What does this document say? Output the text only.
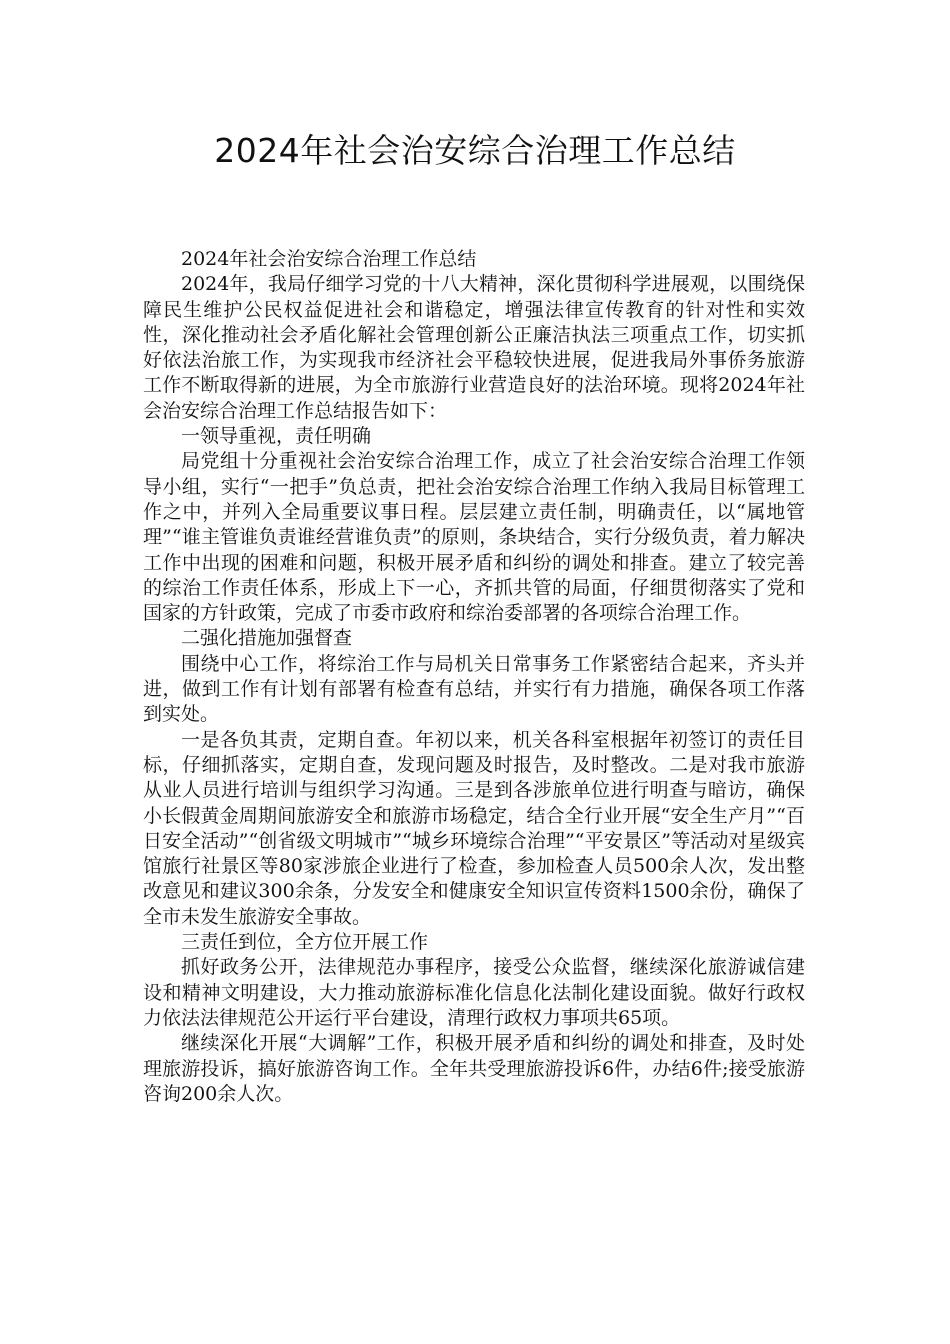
2024年社会治安综合治理工作总结

2024年社会治安综合治理工作总结

2024年，我局仔细学习党的十八大精神，深化贯彻科学进展观，以围绕保障民生维护公民权益促进社会和谐稳定，增强法律宣传教育的针对性和实效性，深化推动社会矛盾化解社会管理创新公正廉洁执法三项重点工作，切实抓好依法治旅工作，为实现我市经济社会平稳较快进展，促进我局外事侨务旅游工作不断取得新的进展，为全市旅游行业营造良好的法治环境。现将2024年社会治安综合治理工作总结报告如下：

一领导重视，责任明确

局党组十分重视社会治安综合治理工作，成立了社会治安综合治理工作领导小组，实行“一把手”负总责，把社会治安综合治理工作纳入我局目标管理工作之中，并列入全局重要议事日程。层层建立责任制，明确责任，以“属地管理”“谁主管谁负责谁经营谁负责”的原则，条块结合，实行分级负责，着力解决工作中出现的困难和问题，积极开展矛盾和纠纷的调处和排查。建立了较完善的综治工作责任体系，形成上下一心，齐抓共管的局面，仔细贯彻落实了党和国家的方针政策，完成了市委市政府和综治委部署的各项综合治理工作。

二强化措施加强督查

围绕中心工作，将综治工作与局机关日常事务工作紧密结合起来，齐头并进，做到工作有计划有部署有检查有总结，并实行有力措施，确保各项工作落到实处。

一是各负其责，定期自查。年初以来，机关各科室根据年初签订的责任目标，仔细抓落实，定期自查，发现问题及时报告，及时整改。二是对我市旅游从业人员进行培训与组织学习沟通。三是到各涉旅单位进行明查与暗访，确保小长假黄金周期间旅游安全和旅游市场稳定，结合全行业开展“安全生产月”“百日安全活动”“创省级文明城市”“城乡环境综合治理”“平安景区”等活动对星级宾馆旅行社景区等80家涉旅企业进行了检查，参加检查人员500余人次，发出整改意见和建议300余条，分发安全和健康安全知识宣传资料1500余份，确保了全市未发生旅游安全事故。

三责任到位，全方位开展工作

抓好政务公开，法律规范办事程序，接受公众监督，继续深化旅游诚信建设和精神文明建设，大力推动旅游标准化信息化法制化建设面貌。做好行政权力依法法律规范公开运行平台建设，清理行政权力事项共65项。

继续深化开展“大调解”工作，积极开展矛盾和纠纷的调处和排查，及时处理旅游投诉，搞好旅游咨询工作。全年共受理旅游投诉6件，办结6件;接受旅游咨询200余人次。
